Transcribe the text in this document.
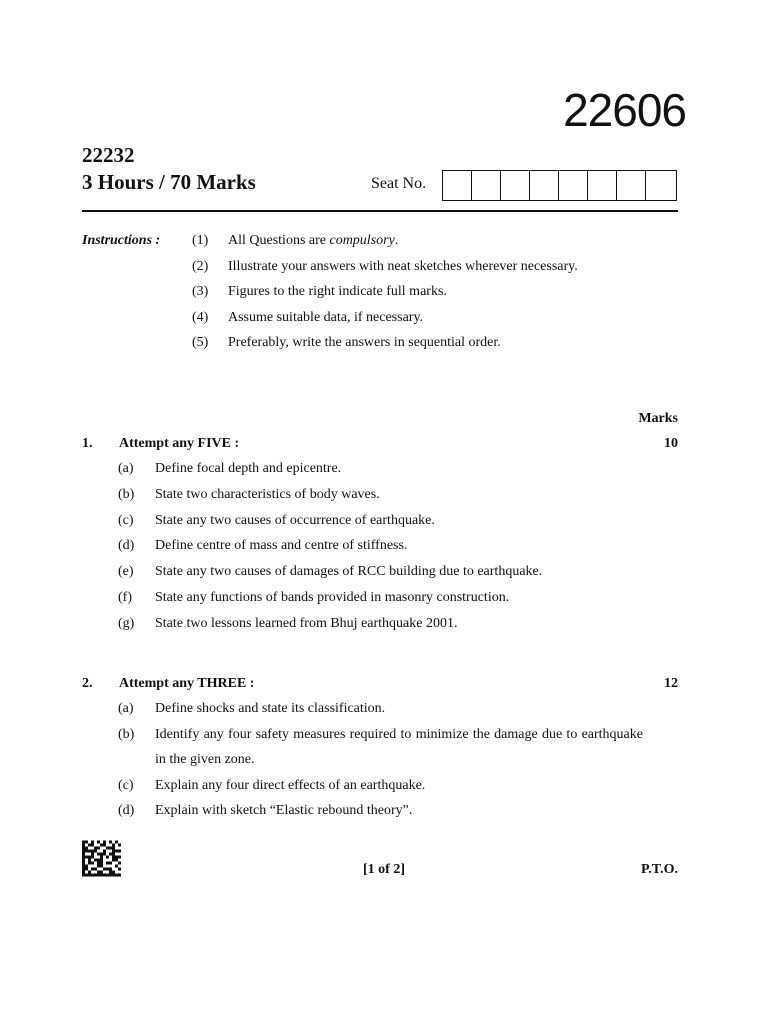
22606
22232
3 Hours / 70 Marks	Seat No.
Instructions : (1)	All Questions are compulsory.
(2)	Illustrate your answers with neat sketches wherever necessary.
(3)	Figures to the right indicate full marks.
(4)	Assume suitable data, if necessary.
(5)	Preferably, write the answers in sequential order.
Marks
1.	Attempt any FIVE :	10
(a)	Define focal depth and epicentre.
(b)	State two characteristics of body waves.
(c)	State any two causes of occurrence of earthquake.
(d)	Define centre of mass and centre of stiffness.
(e)	State any two causes of damages of RCC building due to earthquake.
(f)	State any functions of bands provided in masonry construction.
(g)	State two lessons learned from Bhuj earthquake 2001.
2.	Attempt any THREE :	12
(a)	Define shocks and state its classification.
(b)	Identify any four safety measures required to minimize the damage due to earthquake in the given zone.
(c)	Explain any four direct effects of an earthquake.
(d)	Explain with sketch “Elastic rebound theory”.
[1 of 2]	P.T.O.
